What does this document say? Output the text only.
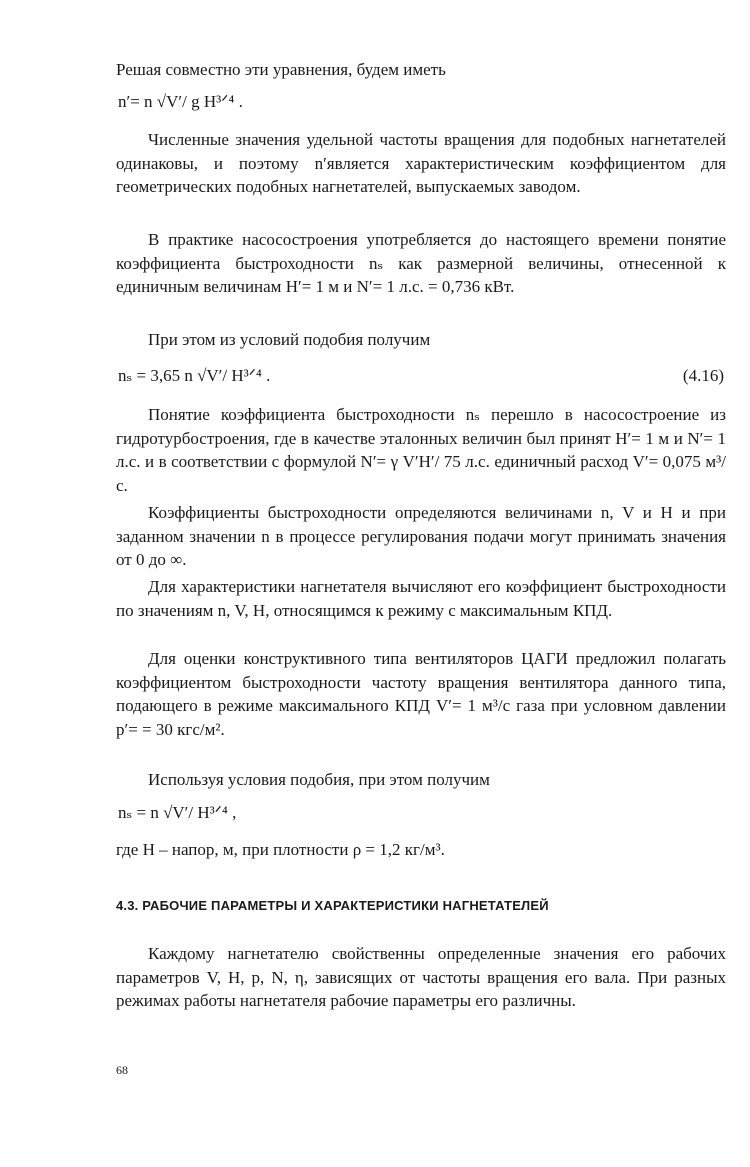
Решая совместно эти уравнения, будем иметь

n′= n √V′/ g H³ᐟ⁴ .

Численные значения удельной частоты вращения для подобных нагнетателей одинаковы, и поэтому n′является характеристическим коэффициентом для геометрических подобных нагнетателей, выпускаемых заводом.

В практике насосостроения употребляется до настоящего времени понятие коэффициента быстроходности nₛ как размерной величины, отнесенной к единичным величинам H′= 1 м и N′= 1 л.с. = 0,736 кВт.

При этом из условий подобия получим

nₛ = 3,65 n √V′/ H³ᐟ⁴ .	(4.16)

Понятие коэффициента быстроходности nₛ перешло в насосостроение из гидротурбостроения, где в качестве эталонных величин был принят H′= 1 м и N′= 1 л.с. и в соответствии с формулой N′= γ V′H′/ 75 л.с. единичный расход V′= 0,075 м³/с.

Коэффициенты быстроходности определяются величинами n, V и H и при заданном значении n в процессе регулирования подачи могут принимать значения от 0 до ∞.

Для характеристики нагнетателя вычисляют его коэффициент быстроходности по значениям n, V, H, относящимся к режиму с максимальным КПД.

Для оценки конструктивного типа вентиляторов ЦАГИ предложил полагать коэффициентом быстроходности частоту вращения вентилятора данного типа, подающего в режиме максимального КПД V′= 1 м³/с газа при условном давлении p′= = 30 кгс/м².

Используя условия подобия, при этом получим

nₛ = n √V′/ H³ᐟ⁴ ,

где H – напор, м, при плотности ρ = 1,2 кг/м³.

4.3. РАБОЧИЕ ПАРАМЕТРЫ И ХАРАКТЕРИСТИКИ НАГНЕТАТЕЛЕЙ

Каждому нагнетателю свойственны определенные значения его рабочих параметров V, H, p, N, η, зависящих от частоты вращения его вала. При разных режимах работы нагнетателя рабочие параметры его различны.

68
